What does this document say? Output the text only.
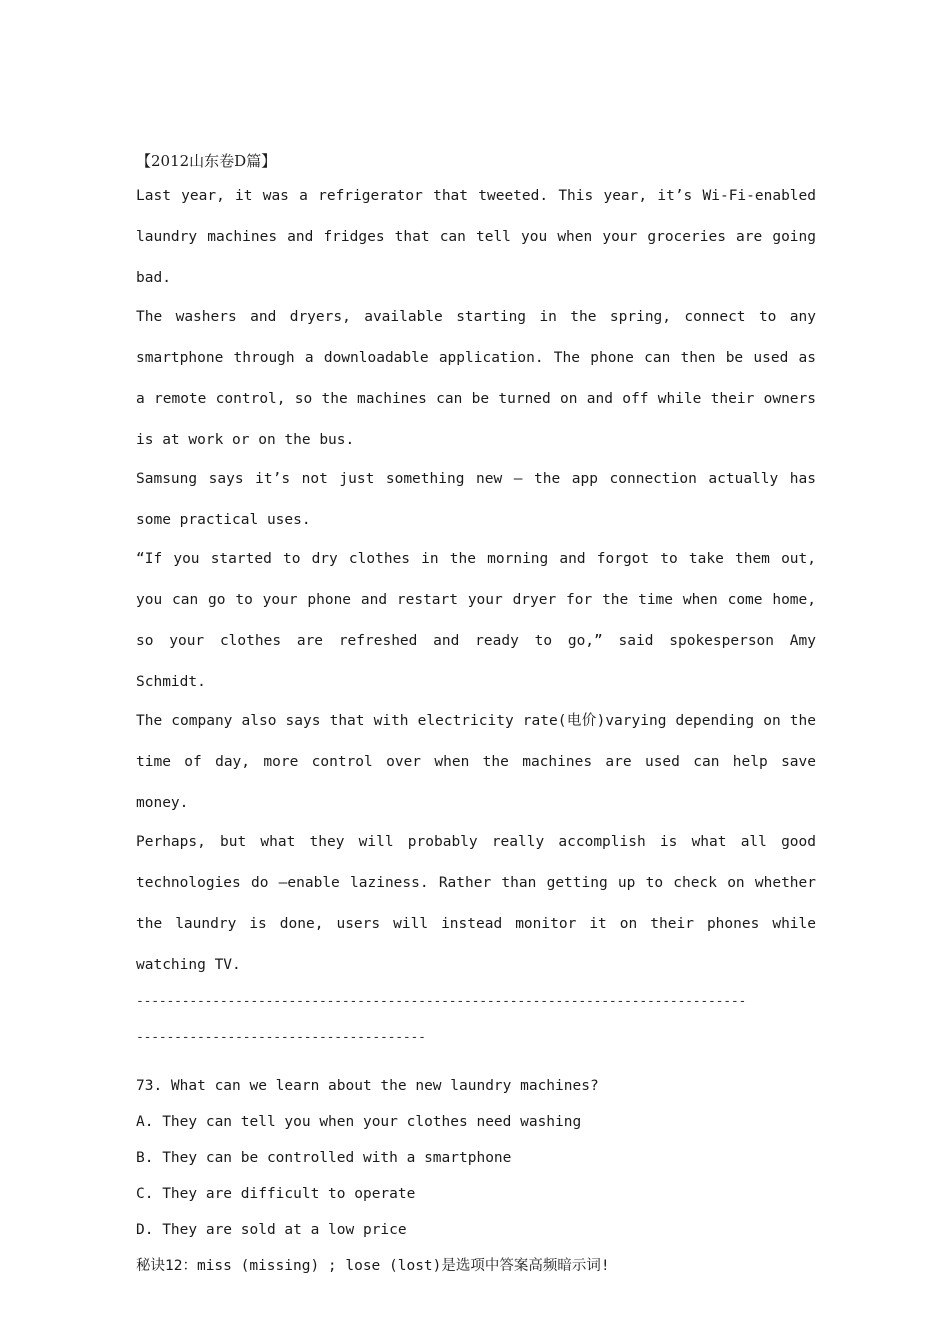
【2012山东卷D篇】

Last year, it was a refrigerator that tweeted. This year, it’s Wi-Fi-enabled laundry machines and fridges that can tell you when your groceries are going bad.

The washers and dryers, available starting in the spring, connect to any smartphone through a downloadable application. The phone can then be used as a remote control, so the machines can be turned on and off while their owners is at work or on the bus.

Samsung says it’s not just something new — the app connection actually has some practical uses.

“If you started to dry clothes in the morning and forgot to take them out, you can go to your phone and restart your dryer for the time when come home, so your clothes are refreshed and ready to go,” said spokesperson Amy Schmidt.

The company also says that with electricity rate(电价)varying depending on the time of day, more control over when the machines are used can help save money.

Perhaps, but what they will probably really accomplish is what all good technologies do —enable laziness. Rather than getting up to check on whether the laundry is done, users will instead monitor it on their phones while watching TV.

--------------------------------------------------------------------------------
--------------------------------------

73. What can we learn about the new laundry machines?

A. They can tell you when your clothes need washing

B. They can be controlled with a smartphone

C. They are difficult to operate

D. They are sold at a low price

秘诀12：miss (missing) ; lose (lost)是选项中答案高频暗示词!
